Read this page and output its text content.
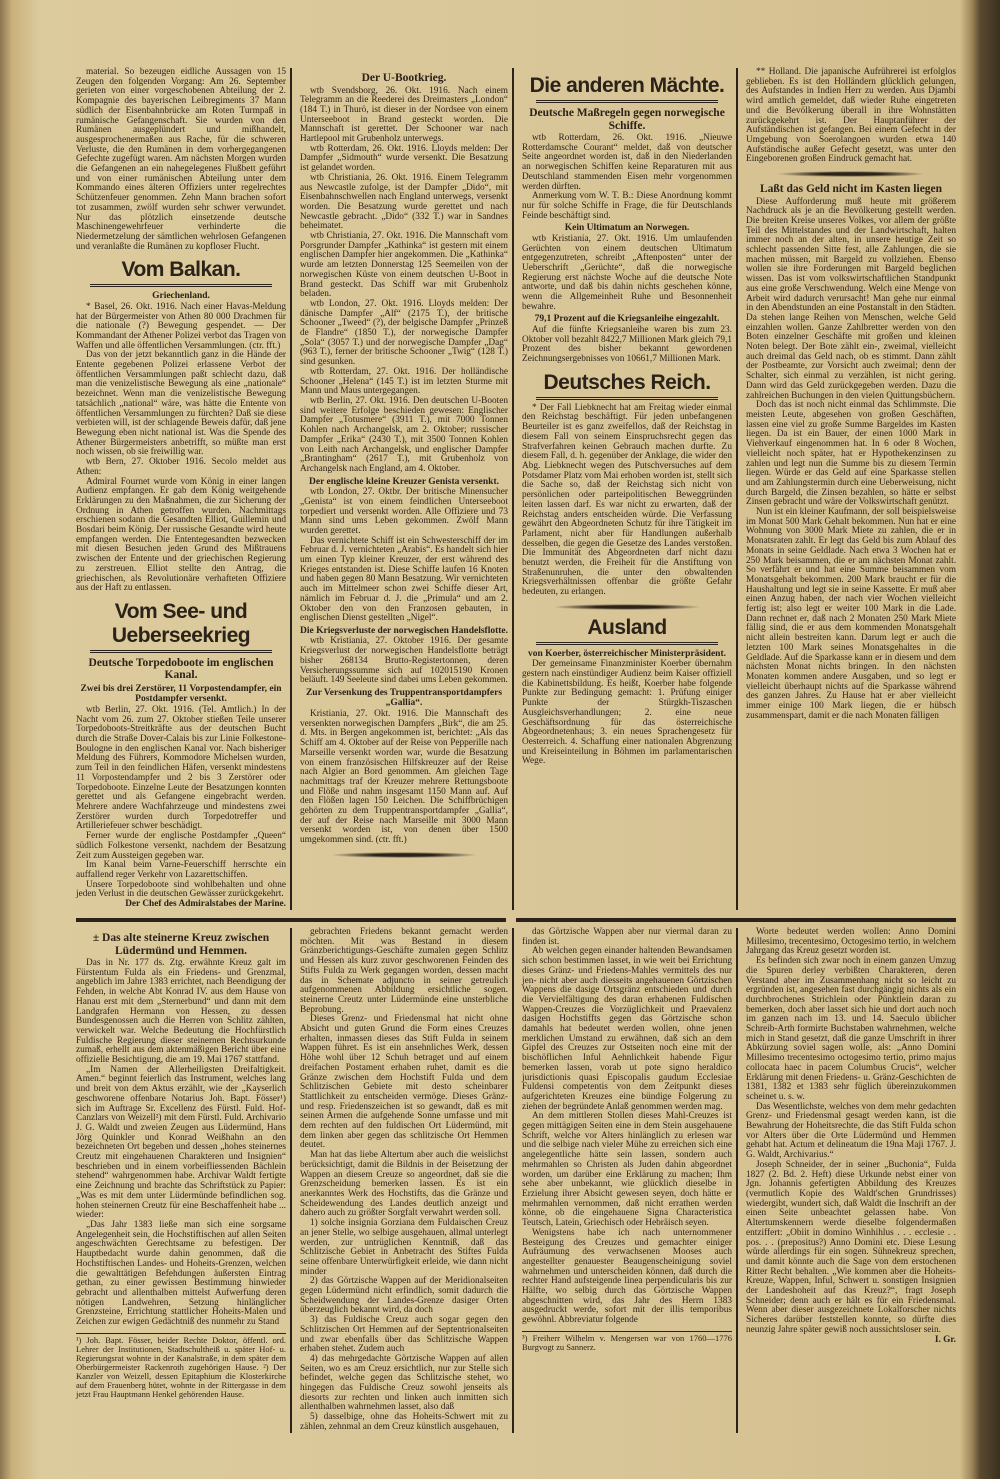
material. So bezeugen eidliche Aussagen von 15 Zeugen den folgenden Vorgang: Am 26. September gerieten von einer vorgeschobenen Abteilung der 2. Kompagnie des bayerischen Leibregiments 37 Mann südlich der Eisenbahnbrücke am Roten Turmpaß in rumänische Gefangenschaft. Sie wurden von den Rumänen ausgeplündert und mißhandelt, ausgesprochenermaßen aus Rache, für die schweren Verluste, die den Rumänen in dem vorhergegangenen Gefechte zugefügt waren. Am nächsten Morgen wurden die Gefangenen an ein nahegelegenes Flußbett geführt und von einer rumänischen Abteilung unter dem Kommando eines älteren Offiziers unter regelrechtes Schützenfeuer genommen. Zehn Mann brachen sofort tot zusammen, zwölf wurden sehr schwer verwundet. Nur das plötzlich einsetzende deutsche Maschinengewehrfeuer verhinderte die Niedermetzelung der sämtlichen wehrlosen Gefangenen und veranlaßte die Rumänen zu kopfloser Flucht.

Vom Balkan.
Griechenland.

* Basel, 26. Okt. 1916. Nach einer Havas-Meldung hat der Bürgermeister von Athen 80 000 Drachmen für die nationale (?) Bewegung gespendet. — Der Kommandant der Athener Polizei verbot das Tragen von Waffen und alle öffentlichen Versammlungen. (ctr. fft.)

Das von der jetzt bekanntlich ganz in die Hände der Entente gegebenen Polizei erlassene Verbot der öffentlichen Versammlungen paßt schlecht dazu, daß man die venizelistische Bewegung als eine „nationale“ bezeichnet. Wenn man die venizelistische Bewegung tatsächlich „national“ wäre, was hätte die Entente von öffentlichen Versammlungen zu fürchten? Daß sie diese verbieten will, ist der schlagende Beweis dafür, daß jene Bewegung eben nicht national ist. Was die Spende des Athener Bürgermeisters anbetrifft, so müßte man erst noch wissen, ob sie freiwillig war.

wtb Bern, 27. Oktober 1916. Secolo meldet aus Athen:

Admiral Fournet wurde vom König in einer langen Audienz empfangen. Er gab dem König weitgehende Erklärungen zu den Maßnahmen, die zur Sicherung der Ordnung in Athen getroffen wurden. Nachmittags erschienen sodann die Gesandten Elliot, Guillemin und Bosdari beim König. Der russische Gesandte wird heute empfangen werden. Die Ententegesandten bezwecken mit diesen Besuchen jeden Grund des Mißtrauens zwischen der Entente und der griechischen Regierung zu zerstreuen. Elliot stellte den Antrag, die griechischen, als Revolutionäre verhafteten Offiziere aus der Haft zu entlassen.

Vom See- und Ueberseekrieg
Deutsche Torpedoboote im englischen Kanal.
Zwei bis drei Zerstörer, 11 Vorpostendampfer, ein Postdampfer versenkt.

wtb Berlin, 27. Okt. 1916. (Tel. Amtlich.) In der Nacht vom 26. zum 27. Oktober stießen Teile unserer Torpedoboots-Streitkräfte aus der deutschen Bucht durch die Straße Dover-Calais bis zur Linie Folkestone-Boulogne in den englischen Kanal vor. Nach bisheriger Meldung des Führers, Kommodore Michelsen wurden, zum Teil in den feindlichen Häfen, versenkt mindestens 11 Vorpostendampfer und 2 bis 3 Zerstörer oder Torpedoboote. Einzelne Leute der Besatzungen konnten gerettet und als Gefangene eingebracht werden. Mehrere andere Wachfahrzeuge und mindestens zwei Zerstörer wurden durch Torpedotreffer und Artilleriefeuer schwer beschädigt.

Ferner wurde der englische Postdampfer „Queen“ südlich Folkestone versenkt, nachdem der Besatzung Zeit zum Aussteigen gegeben war.

Im Kanal beim Varne-Feuerschiff herrschte ein auffallend reger Verkehr von Lazarettschiffen.

Unsere Torpedoboote sind wohlbehalten und ohne jeden Verlust in die deutschen Gewässer zurückgekehrt.

Der Chef des Admiralstabes der Marine.
Der U-Bootkrieg.

wtb Svendsborg, 26. Okt. 1916. Nach einem Telegramm an die Reederei des Dreimasters „London“ (184 T.) in Thurö, ist dieser in der Nordsee von einem Unterseeboot in Brand gesteckt worden. Die Mannschaft ist gerettet. Der Schooner war nach Hartlepool mit Grubenholz unterwegs.

wtb Rotterdam, 26. Okt. 1916. Lloyds melden: Der Dampfer „Sidmouth“ wurde versenkt. Die Besatzung ist gelandet worden.

wtb Christiania, 26. Okt. 1916. Einem Telegramm aus Newcastle zufolge, ist der Dampfer „Dido“, mit Eisenbahnschwellen nach England unterwegs, versenkt worden. Die Besatzung wurde gerettet und nach Newcastle gebracht. „Dido“ (332 T.) war in Sandnes beheimatet.

wtb Christiania, 27. Okt. 1916. Die Mannschaft vom Porsgrunder Dampfer „Kathinka“ ist gestern mit einem englischen Dampfer hier angekommen. Die „Kathinka“ wurde am letzten Donnerstag 125 Seemeilen von der norwegischen Küste von einem deutschen U-Boot in Brand gesteckt. Das Schiff war mit Grubenholz beladen.

wtb London, 27. Okt. 1916. Lloyds melden: Der dänische Dampfer „Alf“ (2175 T.), der britische Schooner „Tweed“ (?), der belgische Dampfer „Prinzeß de Flandre“ (1850 T.), der norwegische Dampfer „Sola“ (3057 T.) und der norwegische Dampfer „Dag“ (963 T.), ferner der britische Schooner „Twig“ (128 T.) sind gesunken.

wtb Rotterdam, 27. Okt. 1916. Der holländische Schooner „Helena“ (145 T.) ist im letzten Sturme mit Mann und Maus untergegangen.

wtb Berlin, 27. Okt. 1916. Den deutschen U-Booten sind weitere Erfolge beschieden gewesen: Englischer Dampfer „Totusmere“ (3911 T.), mit 7000 Tonnen Kohlen nach Archangelsk, am 2. Oktober; russischer Dampfer „Erika“ (2430 T.), mit 3500 Tonnen Kohlen von Leith nach Archangelsk, und englischer Dampfer „Brantingham“ (2617 T.), mit Grubenholz von Archangelsk nach England, am 4. Oktober.

Der englische kleine Kreuzer Genista versenkt.

wtb London, 27. Oktbr. Der britische Minensucher „Genista“ ist von einem feindlichen Unterseeboot torpediert und versenkt worden. Alle Offiziere und 73 Mann sind ums Leben gekommen. Zwölf Mann wurden gerettet.

Das vernichtete Schiff ist ein Schwesterschiff der im Februar d. J. vernichteten „Arabis“. Es handelt sich hier um einen Typ kleiner Kreuzer, der erst während des Krieges entstanden ist. Diese Schiffe laufen 16 Knoten und haben gegen 80 Mann Besatzung. Wir vernichteten auch im Mittelmeer schon zwei Schiffe dieser Art, nämlich im Februar d. J. die „Primula“ und am 2. Oktober den von den Franzosen gebauten, in englischen Dienst gestellten „Nigel“.

Die Kriegsverluste der norwegischen Handelsflotte.

wtb Kristiania, 27. Oktober 1916. Der gesamte Kriegsverlust der norwegischen Handelsflotte beträgt bisher 268134 Brutto-Registertonnen, deren Versicherungssumme sich auf 102015190 Kronen beläuft. 149 Seeleute sind dabei ums Leben gekommen.

Zur Versenkung des Truppentransportdampfers „Gallia“.

Kristiania, 27. Okt. 1916. Die Mannschaft des versenkten norwegischen Dampfers „Birk“, die am 25. d. Mts. in Bergen angekommen ist, berichtet: „Als das Schiff am 4. Oktober auf der Reise von Pepperille nach Marseille versenkt worden war, wurde die Besatzung von einem französischen Hilfskreuzer auf der Reise nach Algier an Bord genommen. Am gleichen Tage nachmittags traf der Kreuzer mehrere Rettungsboote und Flöße und nahm insgesamt 1150 Mann auf. Auf den Flößen lagen 150 Leichen. Die Schiffbrüchigen gehörten zu dem Truppentransportdampfer „Gallia“, der auf der Reise nach Marseille mit 3000 Mann versenkt worden ist, von denen über 1500 umgekommen sind. (ctr. fft.)

Die anderen Mächte.
Deutsche Maßregeln gegen norwegische Schiffe.

wtb Rotterdam, 26. Okt. 1916. „Nieuwe Rotterdamsche Courant“ meldet, daß von deutscher Seite angeordnet worden ist, daß in den Niederlanden an norwegischen Schiffen keine Reparaturen mit aus Deutschland stammenden Eisen mehr vorgenommen werden dürften.

Anmerkung vom W. T. B.: Diese Anordnung kommt nur für solche Schiffe in Frage, die für Deutschlands Feinde beschäftigt sind.

Kein Ultimatum an Norwegen.

wtb Kristiania, 27. Okt. 1916. Um umlaufenden Gerüchten von einem deutschen Ultimatum entgegenzutreten, schreibt „Aftenposten“ unter der Ueberschrift „Gerüchte“, daß die norwegische Regierung erst nächste Woche auf die deutsche Note antworte, und daß bis dahin nichts geschehen könne, wenn die Allgemeinheit Ruhe und Besonnenheit bewahre.

79,1 Prozent auf die Kriegsanleihe eingezahlt.

Auf die fünfte Kriegsanleihe waren bis zum 23. Oktober voll bezahlt 8422,7 Millionen Mark gleich 79,1 Prozent des bisher bekannt gewordenen Zeichnungsergebnisses von 10661,7 Millionen Mark.

Deutsches Reich.

* Der Fall Liebknecht hat am Freitag wieder einmal den Reichstag beschäftigt. Für jeden unbefangenen Beurteiler ist es ganz zweifellos, daß der Reichstag in diesem Fall von seinem Einspruchsrecht gegen das Strafverfahren keinen Gebrauch machen durfte. Zu diesem Fall, d. h. gegenüber der Anklage, die wider den Abg. Liebknecht wegen des Putschversuches auf dem Potsdamer Platz vom Mai erhoben worden ist, stellt sich die Sache so, daß der Reichstag sich nicht von persönlichen oder parteipolitischen Beweggründen leiten lassen darf. Es war nicht zu erwarten, daß der Reichstag anders entscheiden würde. Die Verfassung gewährt den Abgeordneten Schutz für ihre Tätigkeit im Parlament, nicht aber für Handlungen außerhalb desselben, die gegen die Gesetze des Landes verstoßen. Die Immunität des Abgeordneten darf nicht dazu benutzt werden, die Freiheit für die Anstiftung von Straßenunruhen, die unter den obwaltenden Kriegsverhältnissen offenbar die größte Gefahr bedeuten, zu erlangen.

Ausland
von Koerber, österreichischer Ministerpräsident.

Der gemeinsame Finanzminister Koerber übernahm gestern nach einstündiger Audienz beim Kaiser offiziell die Kabinettsbildung. Es heißt, Koerber habe folgende Punkte zur Bedingung gemacht: 1. Prüfung einiger Punkte der Stürgkh-Tiszaschen Ausgleichsverhandlungen; 2. eine neue Geschäftsordnung für das österreichische Abgeordnetenhaus; 3. ein neues Sprachengesetz für Oesterreich. 4. Schaffung einer nationalen Abgrenzung und Kreiseinteilung in Böhmen im parlamentarischen Wege.

** Holland. Die japanische Aufrührerei ist erfolglos geblieben. Es ist den Holländern glücklich gelungen, des Aufstandes in Indien Herr zu werden. Aus Djambi wird amtlich gemeldet, daß wieder Ruhe eingetreten und die Bevölkerung überall in ihre Wohnstätten zurückgekehrt ist. Der Hauptanführer der Aufständischen ist gefangen. Bei einem Gefecht in der Umgebung von Soerolangoen wurden etwa 140 Aufständische außer Gefecht gesetzt, was unter den Eingeborenen großen Eindruck gemacht hat.

Laßt das Geld nicht im Kasten liegen

Diese Aufforderung muß heute mit größerem Nachdruck als je an die Bevölkerung gestellt werden. Die breiten Kreise unseres Volkes, vor allem der größte Teil des Mittelstandes und der Landwirtschaft, halten immer noch an der alten, in unsere heutige Zeit so schlecht passenden Sitte fest, alle Zahlungen, die sie machen müssen, mit Bargeld zu vollziehen. Ebenso wollen sie ihre Forderungen mit Bargeld beglichen wissen. Das ist vom volkswirtschaftlichen Standpunkt aus eine große Verschwendung. Welch eine Menge von Arbeit wird dadurch verursacht! Man gehe nur einmal in den Abendstunden an eine Postanstalt in den Städten. Da stehen lange Reihen von Menschen, welche Geld einzahlen wollen. Ganze Zahlbretter werden von den Boten einzelner Geschäfte mit großen und kleinen Noten belegt. Der Bote zählt ein-, zweimal, vielleicht auch dreimal das Geld nach, ob es stimmt. Dann zählt der Postbeamte, zur Vorsicht auch zweimal; denn der Schalter, sich einmal zu verzählen, ist nicht gering. Dann wird das Geld zurückgegeben werden. Dazu die zahlreichen Buchungen in den vielen Quittungsbüchern.

Doch das ist noch nicht einmal das Schlimmste. Die meisten Leute, abgesehen von großen Geschäften, lassen eine viel zu große Summe Bargeldes im Kasten liegen. Da ist ein Bauer, der einen 1000 Mark in Viehverkauf eingenommen hat. In 6 oder 8 Wochen, vielleicht noch später, hat er Hypothekenzinsen zu zahlen und legt nun die Summe bis zu diesem Termin liegen. Würde er das Geld auf eine Sparkasse stellen und am Zahlungstermin durch eine Ueberweisung, nicht durch Bargeld, die Zinsen bezahlen, so hätte er selbst Zinsen gebracht und wäre der Volkswirtschaft genützt.

Nun ist ein kleiner Kaufmann, der soll beispielsweise im Monat 500 Mark Gehalt bekommen. Nun hat er eine Wohnung von 3000 Mark Miete zu zahlen, die er in Monatsraten zahlt. Er legt das Geld bis zum Ablauf des Monats in seine Geldlade. Nach etwa 3 Wochen hat er 250 Mark beisammen, die er am nächsten Monat zahlt. So verfährt er und hat eine Summe beisammen vom Monatsgehalt bekommen. 200 Mark braucht er für die Haushaltung und legt sie in seine Kassette. Er muß aber einen Anzug haben, der nach vier Wochen vielleicht fertig ist; also legt er weiter 100 Mark in die Lade. Dann rechnet er, daß nach 2 Monaten 250 Mark Miete fällig sind, die er aus dem kommenden Monatsgehalt nicht allein bestreiten kann. Darum legt er auch die letzten 100 Mark seines Monatsgehaltes in die Geldlade. Auf die Sparkasse kann er in diesem und dem nächsten Monat nichts bringen. In den nächsten Monaten kommen andere Ausgaben, und so legt er vielleicht überhaupt nichts auf die Sparkasse während des ganzen Jahres. Zu Hause hat er aber vielleicht immer einige 100 Mark liegen, die er hübsch zusammenspart, damit er die nach Monaten fälligen

± Das alte steinerne Kreuz zwischen Lüdermünd und Hemmen.

Das in Nr. 177 ds. Ztg. erwähnte Kreuz galt im Fürstentum Fulda als ein Friedens- und Grenzmal, angeblich im Jahre 1383 errichtet, nach Beendigung der Fehden, in welche Abt Konrad IV. aus dem Hause von Hanau erst mit dem „Sternerbund“ und dann mit dem Landgrafen Hermann von Hessen, zu dessen Bundesgenossen auch die Herren von Schlitz zählten, verwickelt war. Welche Bedeutung die Hochfürstlich Fuldische Regierung dieser steinernen Rechtsurkunde zumaß, erhellt aus dem aktenmäßigen Bericht über eine offizielle Besichtigung, die am 19. Mai 1767 stattfand.

„Im Namen der Allerheiligsten Dreifaltigkeit. Amen.“ beginnt feierlich das Instrument, welches lang und breit von dem Aktus erzählt, wie der „Kayserlich geschworene offenbare Notarius Joh. Bapt. Fösser¹) sich im Auftrage Sr. Excellenz des Fürstl. Fuld. Hof-Canzlars von Weizell²) mit dem Fürstl. Fuld. Archivario J. G. Waldt und zweien Zeugen aus Lüdermünd, Hans Jörg Quinkler und Konrad Weißhahn an den bezeichneten Ort begeben und dessen „hohes steinernes Creutz mit eingehauenen Charakteren und Insignien“ beschrieben und in einem vorbeifliessenden Bächlein stehend“ wahrgenommen habe. Archivar Waldt fertigte eine Zeichnung und brachte das Schriftstück zu Papier: „Was es mit dem unter Lüdermünde befindlichen sog. hohen steinernen Creutz für eine Beschaffenheit habe ... wieder:

„Das Jahr 1383 ließe man sich eine sorgsame Angelegenheit sein, die Hochstiftischen auf allen Seiten angeschwächten Gerechtsame zu befestigen. Der Hauptbedacht wurde dahin genommen, daß die Hochstiftischen Landes- und Hoheits-Grenzen, welchen die gewalttätigen Befehdungen äußersten Eintrag gethan, zu einer gewissen Bestimmung hinwieder gebracht und allenthalben mittelst Aufwerfung deren nötigen Landwehren, Setzung hinlänglicher Grenzsteine, Errichtung stattlicher Hoheits-Malen und Zeichen zur ewigen Gedächtniß des nunmehr zu Stand

¹) Joh. Bapt. Fösser, beider Rechte Doktor, öffentl. ord. Lehrer der Institutionen, Stadtschultheiß u. später Hof- u. Regierungsrat wohnte in der Kanalstraße, in dem später dem Oberbürgermeister Rackenroth zugehörigen Hause. ²) Der Kanzler von Weizell, dessen Epitaphium die Klosterkirche auf dem Frauenberg hütet, wohnte in der Rittergasse in dem jetzt Frau Hauptmann Henkel gehörenden Hause.

gebrachten Friedens bekannt gemacht werden möchten. Mit was Bestand in diesem Gränzberichtigungs-Geschäfte zumalen gegen Schlitz und Hessen als kurz zuvor geschworenen Feinden des Stifts Fulda zu Werk gegangen worden, dessen macht das in Schemate adjuncto in seiner getreulich aufgenommenen Abbildung ersichtliche sogen. steinerne Creutz unter Lüdermünde eine unsterbliche Beprobung.

Dieses Grenz- und Friedensmal hat nicht ohne Absicht und guten Grund die Form eines Creuzes erhalten, inmassen dieses das Stift Fulda in seinem Wappen führet. Es ist ein ansehnliches Werk, dessen Höhe wohl über 12 Schuh betraget und auf einem dreifachen Postament erhaben ruhet, damit es die Gränze zwischen dem Hochstift Fulda und dem Schlitzischen Gebiete mit desto scheinbarer Stattlichkeit zu entscheiden vermöge. Dieses Gränz- und resp. Friedenszeichen ist so gewandt, daß es mit seinen Armen die aufgehende Sonne umfasse und mit dem rechten auf den fuldischen Ort Lüdermünd, mit dem linken aber gegen das schlitzische Ort Hemmen deutet.

Man hat das liebe Altertum aber auch die weislichst berücksichtigt, damit die Bildnis in der Beisetzung der Wappen an diesem Creuze so angeordnet, daß sie die Grenzscheidung bemerken lassen. Es ist ein anerkanntes Werk des Hochstifts, das die Gränze und Scheidewendung des Landes deutlich anzeigt und dahero auch zu größter Sorgfalt verwahrt werden soll.

1) solche insignia Gorziana dem Fuldaischen Creuz an jener Stelle, wo selbige ausgehauen, allmal unterlegt werden, zur untrüglichen Kenntniß, daß das Schlitzische Gebiet in Anbetracht des Stiftes Fulda seine offenbare Unterwürfigkeit erleide, wie dann nicht minder

2) das Görtzische Wappen auf der Meridionalseiten gegen Lüdermünd nicht erfindlich, somit dadurch die Scheidwendung der Landes-Grenze dasiger Orten überzeuglich bekannt wird, da doch

3) das Fuldische Creuz auch sogar gegen den Schlitzischen Ort Hemmen auf der Septentrionalseiten und zwar ebenfalls über das Schlitzische Wappen erhaben stehet. Zudem auch

4) das mehrgedachte Görtzische Wappen auf allen Seiten, wo es am Creuz ersichtlich, nur zur Stelle sich befindet, welche gegen das Schlitzische stehet, wo hingegen das Fuldische Creuz sowohl jenseits als diesorts zur rechten und linken auch inmitten sich allenthalben wahrnehmen lasset, also daß

5) dasselbige, ohne das Hoheits-Schwert mit zu zählen, zehnmal an dem Creuz künstlich ausgehauen,

das Görtzische Wappen aber nur viermal daran zu finden ist.

Ab welchen gegen einander haltenden Bewandsamen sich schon bestimmen lasset, in wie weit bei Errichtung dieses Gränz- und Friedens-Mahles vermittels des nur jen- nicht aber auch diesseits angehauenen Görtzischen Wappens die dasige Ortsgränz entschieden und durch die Vervielfältigung des daran erhabenen Fuldischen Wappen-Creuzes die Vorzüglichkeit und Praevalenz dasigen Hochstiffts gegen das Görtzische schon damahls hat bedeutet werden wollen, ohne jenen merklichen Umstand zu erwähnen, daß sich an dem Gipfel des Creuzes zur Ostseiten noch eine mit der bischöflichen Inful Aehnlichkeit habende Figur bemerken lassen, vorab ut pote signo heraldico jurisdictionis quasi Episcopalis gaudum Ecclesiae Fuldensi competentis von dem Zeitpunkt dieses aufgerichteten Kreuzes eine bündige Folgerung zu ziehen der begründete Anlaß genommen werden mag.

An dem mittleren Stollen dieses Mahl-Creuzes ist gegen mittägigen Seiten eine in dem Stein ausgehauene Schrift, welche vor Alters hinlänglich zu erlesen war und die selbige nach vieler Mühe zu erreichen sich eine angelegentliche hätte sein lassen, sondern auch mehrmahlen so Christen als Juden dahin abgeordnet worden, um darüber eine Erklärung zu machen; Ihm sehe aber unbekannt, wie glücklich dieselbe in Erzielung ihrer Absicht gewesen seyen, doch hätte er mehrmahlen vernommen, daß nicht errathen werden könne, ob die eingehauene Signa Characteristica Teutsch, Latein, Griechisch oder Hebräisch seyen.

Wenigstens habe ich nach unternommener Besteigung des Creuzes und gemachter einiger Aufräumung des verwachsenen Mooses auch angestellter genauester Beaugenscheinigung soviel wahrnehmen und unterscheiden können, daß durch die rechter Hand aufsteigende linea perpendicularis bis zur Hälfte, wo selbig durch das Görtzische Wappen abgeschnitten wird, das Jahr des Herrn 1383 ausgedruckt werde, sofort mit der illis temporibus gewöhnl. Abbreviatur folgende

³) Freiherr Wilhelm v. Mengersen war von 1760—1776 Burgvogt zu Sannerz.

Worte bedeutet werden wollen: Anno Domini Millesimo, trecentesimo, Octogesimo tertio, in welchem Jahrgang das Kreuz gesetzt worden ist.

Es befinden sich zwar noch in einem ganzen Umzug die Spuren derley verbißten Charakteren, deren Verstand aber im Zusammenhang nicht so leicht zu ergründen ist, angesehen fast durchgängig nichts als ein durchbrochenes Strichlein oder Pünktlein daran zu bemerken, doch aber lasset sich hie und dort auch noch im ganzen nach im 13. und 14. Saeculo üblicher Schreib-Arth formirte Buchstaben wahrnehmen, welche mich in Stand gesetzt, daß die ganze Umschrift in ihrer Abkürzung soviel sagen wolle, als: „Anno Domini Millesimo trecentesimo octogesimo tertio, primo majus collocata haec in pacem Columbus Crucis“, welcher Erklärung mit denen Friedens- u. Gränz-Geschichten de 1381, 1382 et 1383 sehr füglich übereinzukommen scheinet u. s. w.

Das Wesentlichste, welches von dem mehr gedachten Grenz- und Friedensmal gesagt werden kann, ist die Bewahrung der Hoheitsrechte, die das Stift Fulda schon vor Alters über die Orte Lüdermünd und Hemmen gehabt hat. Actum et delineatum die 19na Maji 1767. J. G. Waldt, Archivarius.“

Joseph Schneider, der in seiner „Buchonia“, Fulda 1827 (2. Bd. 2. Heft) diese Urkunde nebst einer von Jgn. Johannis gefertigten Abbildung des Kreuzes (vermutlich Kopie des Waldt'schen Grundrisses) wiedergibt, wundert sich, daß Waldt die Inschrift an der einen Seite unbeachtet gelassen habe. Von Altertumskennern werde dieselbe folgendermaßen entziffert: „Obiit in domino Winhihlus . . . ecclesie . . pos. . . (prepositus?) Anno Domini etc. Diese Lesung würde allerdings für ein sogen. Sühnekreuz sprechen, und damit könnte auch die Sage von dem erstochenen Ritter Recht behalten. „Wie kommen aber die Hoheits-Kreuze, Wappen, Inful, Schwert u. sonstigen Insignien der Landeshoheit auf das Kreuz?“, fragt Joseph Schneider; denn auch er hält es für ein Friedensmal. Wenn aber dieser ausgezeichnete Lokalforscher nichts Sicheres darüber feststellen konnte, so dürfte dies neunzig Jahre später gewiß noch aussichtsloser sein.

I. Gr.
